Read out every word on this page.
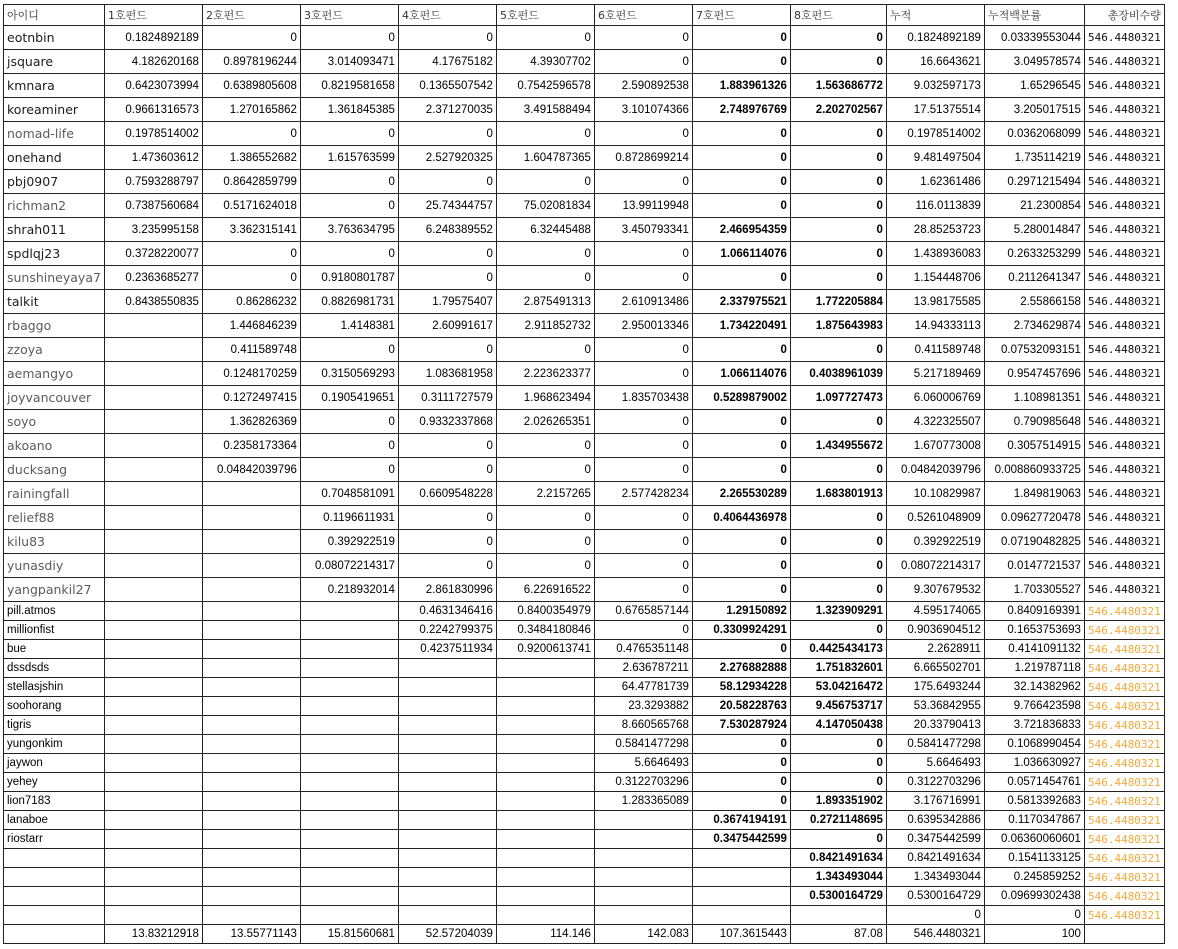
아이디	1호펀드	2호펀드	3호펀드	4호펀드	5호펀드	6호펀드	7호펀드	8호펀드	누적	누적백분률	총장비수량
eotnbin	0.1824892189	0	0	0	0	0	0	0	0.1824892189	0.03339553044	546.4480321
jsquare	4.182620168	0.8978196244	3.014093471	4.17675182	4.39307702	0	0	0	16.6643621	3.049578574	546.4480321
kmnara	0.6423073994	0.6389805608	0.8219581658	0.1365507542	0.7542596578	2.590892538	1.883961326	1.563686772	9.032597173	1.65296545	546.4480321
koreaminer	0.9661316573	1.270165862	1.361845385	2.371270035	3.491588494	3.101074366	2.748976769	2.202702567	17.51375514	3.205017515	546.4480321
nomad-life	0.1978514002	0	0	0	0	0	0	0	0.1978514002	0.0362068099	546.4480321
onehand	1.473603612	1.386552682	1.615763599	2.527920325	1.604787365	0.8728699214	0	0	9.481497504	1.735114219	546.4480321
pbj0907	0.7593288797	0.8642859799	0	0	0	0	0	0	1.62361486	0.2971215494	546.4480321
richman2	0.7387560684	0.5171624018	0	25.74344757	75.02081834	13.99119948	0	0	116.0113839	21.2300854	546.4480321
shrah011	3.235995158	3.362315141	3.763634795	6.248389552	6.32445488	3.450793341	2.466954359	0	28.85253723	5.280014847	546.4480321
spdlqj23	0.3728220077	0	0	0	0	0	1.066114076	0	1.438936083	0.2633253299	546.4480321
sunshineyaya7	0.2363685277	0	0.9180801787	0	0	0	0	0	1.154448706	0.2112641347	546.4480321
talkit	0.8438550835	0.86286232	0.8826981731	1.79575407	2.875491313	2.610913486	2.337975521	1.772205884	13.98175585	2.55866158	546.4480321
rbaggo		1.446846239	1.4148381	2.60991617	2.911852732	2.950013346	1.734220491	1.875643983	14.94333113	2.734629874	546.4480321
zzoya		0.411589748	0	0	0	0	0	0	0.411589748	0.07532093151	546.4480321
aemangyo		0.1248170259	0.3150569293	1.083681958	2.223623377	0	1.066114076	0.4038961039	5.217189469	0.9547457696	546.4480321
joyvancouver		0.1272497415	0.1905419651	0.3111727579	1.968623494	1.835703438	0.5289879002	1.097727473	6.060006769	1.108981351	546.4480321
soyo		1.362826369	0	0.9332337868	2.026265351	0	0	0	4.322325507	0.790985648	546.4480321
akoano		0.2358173364	0	0	0	0	0	1.434955672	1.670773008	0.3057514915	546.4480321
ducksang		0.04842039796	0	0	0	0	0	0	0.04842039796	0.008860933725	546.4480321
rainingfall			0.7048581091	0.6609548228	2.2157265	2.577428234	2.265530289	1.683801913	10.10829987	1.849819063	546.4480321
relief88			0.1196611931	0	0	0	0.4064436978	0	0.5261048909	0.09627720478	546.4480321
kilu83			0.392922519	0	0	0	0	0	0.392922519	0.07190482825	546.4480321
yunasdiy			0.08072214317	0	0	0	0	0	0.08072214317	0.0147721537	546.4480321
yangpankil27			0.218932014	2.861830996	6.226916522	0	0	0	9.307679532	1.703305527	546.4480321
pill.atmos				0.4631346416	0.8400354979	0.6765857144	1.29150892	1.323909291	4.595174065	0.8409169391	546.4480321
millionfist				0.2242799375	0.3484180846	0	0.3309924291	0	0.9036904512	0.1653753693	546.4480321
bue				0.4237511934	0.9200613741	0.4765351148	0	0.4425434173	2.2628911	0.4141091132	546.4480321
dssdsds						2.636787211	2.276882888	1.751832601	6.665502701	1.219787118	546.4480321
stellasjshin						64.47781739	58.12934228	53.04216472	175.6493244	32.14382962	546.4480321
soohorang						23.3293882	20.58228763	9.456753717	53.36842955	9.766423598	546.4480321
tigris						8.660565768	7.530287924	4.147050438	20.33790413	3.721836833	546.4480321
yungonkim						0.5841477298	0	0	0.5841477298	0.1068990454	546.4480321
jaywon						5.6646493	0	0	5.6646493	1.036630927	546.4480321
yehey						0.3122703296	0	0	0.3122703296	0.0571454761	546.4480321
lion7183						1.283365089	0	1.893351902	3.176716991	0.5813392683	546.4480321
lanaboe							0.3674194191	0.2721148695	0.6395342886	0.1170347867	546.4480321
riostarr							0.3475442599	0	0.3475442599	0.06360060601	546.4480321
								0.8421491634	0.8421491634	0.1541133125	546.4480321
								1.343493044	1.343493044	0.245859252	546.4480321
								0.5300164729	0.5300164729	0.09699302438	546.4480321
									0	0	546.4480321
	13.83212918	13.55771143	15.81560681	52.57204039	114.146	142.083	107.3615443	87.08	546.4480321	100	
